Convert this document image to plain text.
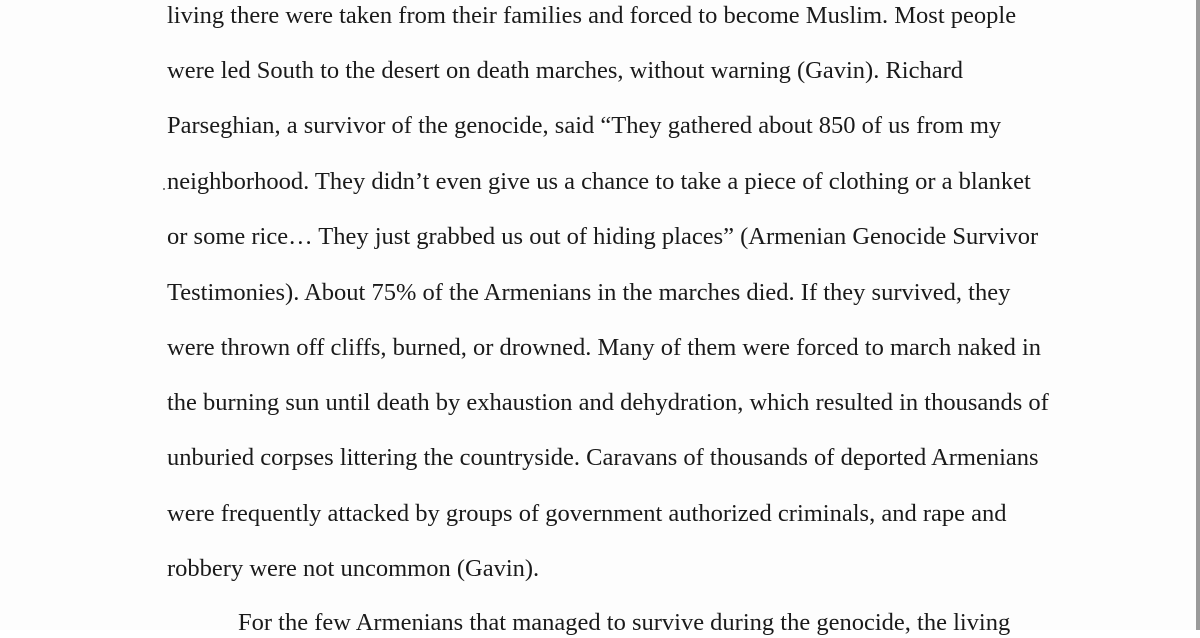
living there were taken from their families and forced to become Muslim. Most people
were led South to the desert on death marches, without warning (Gavin). Richard
Parseghian, a survivor of the genocide, said “They gathered about 850 of us from my
neighborhood. They didn’t even give us a chance to take a piece of clothing or a blanket
or some rice… They just grabbed us out of hiding places” (Armenian Genocide Survivor
Testimonies). About 75% of the Armenians in the marches died. If they survived, they
were thrown off cliffs, burned, or drowned. Many of them were forced to march naked in
the burning sun until death by exhaustion and dehydration, which resulted in thousands of
unburied corpses littering the countryside. Caravans of thousands of deported Armenians
were frequently attacked by groups of government authorized criminals, and rape and
robbery were not uncommon (Gavin).
For the few Armenians that managed to survive during the genocide, the living
